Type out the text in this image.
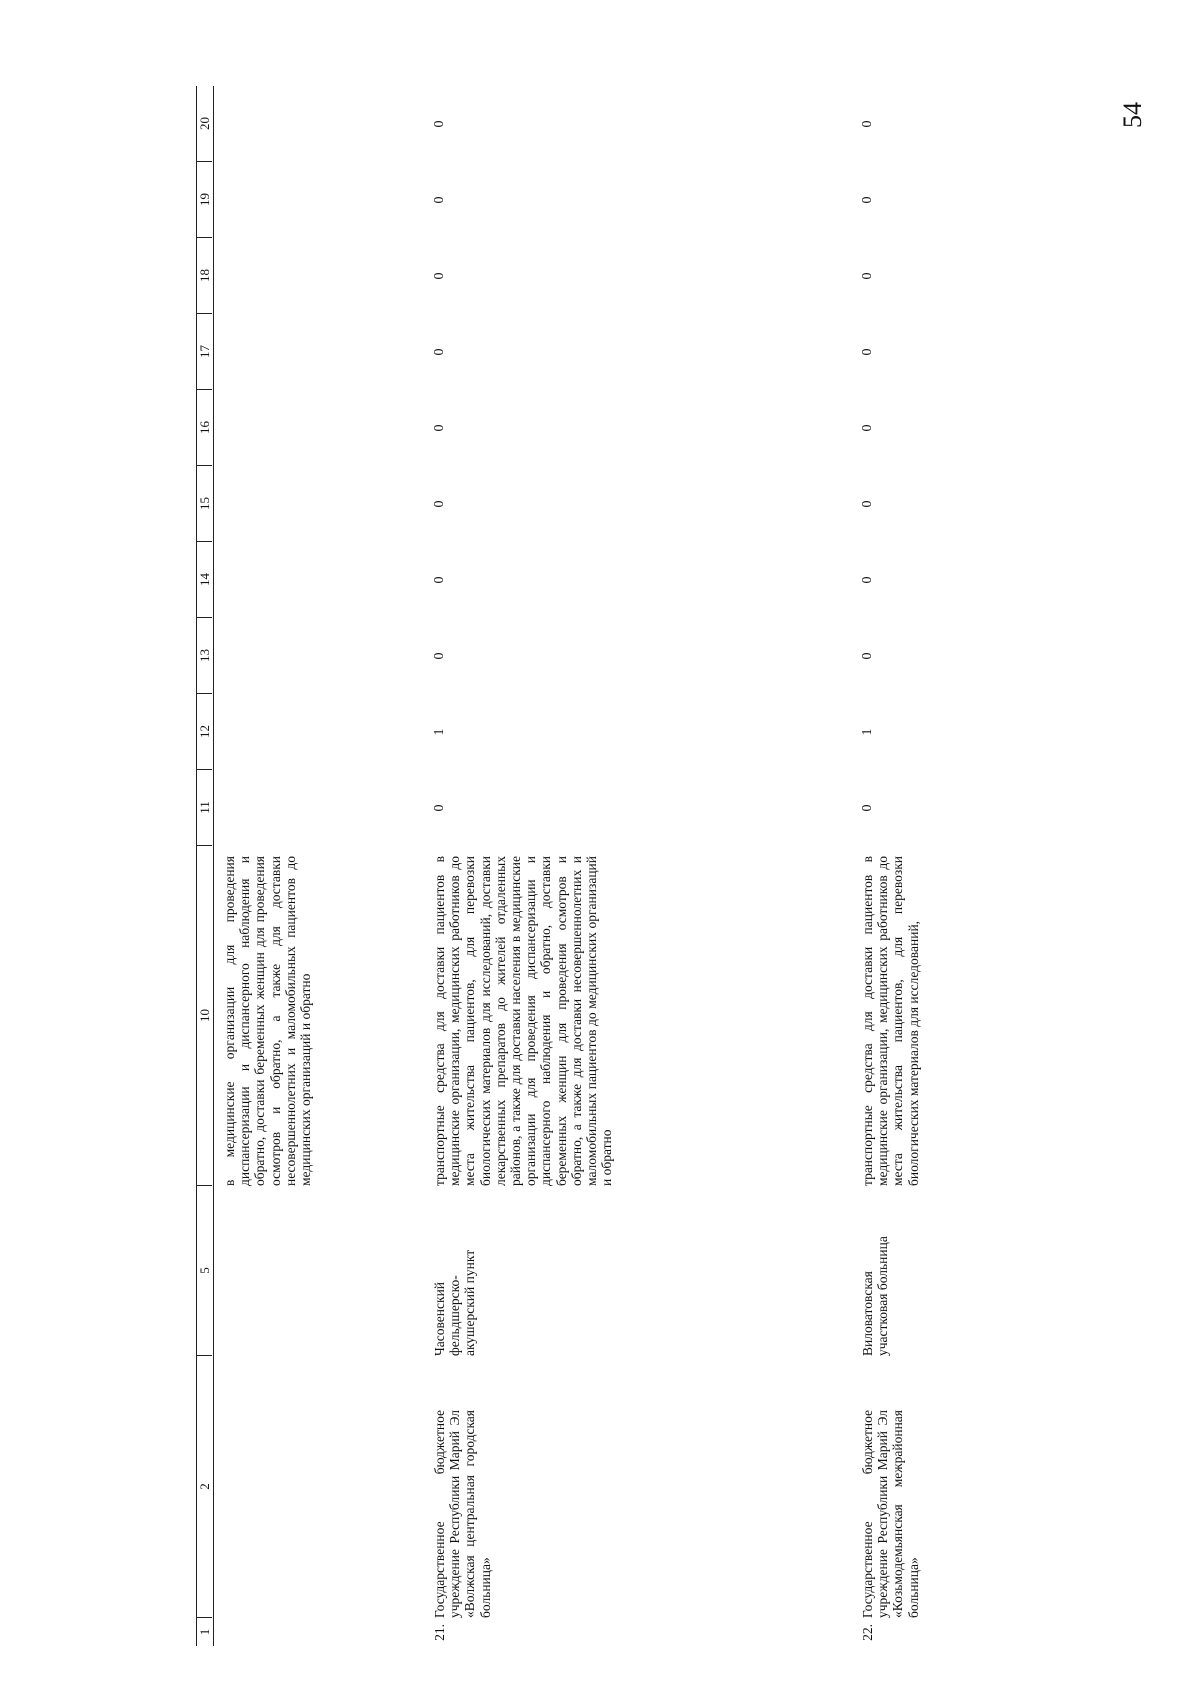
54
1
2
5
10
11
12
13
14
15
16
17
18
19
20
в медицинские организации для проведения диспансеризации и диспансерного наблюдения и обратно, доставки беременных женщин для проведения осмотров и обратно, а также для доставки несовершеннолетних и маломобильных пациентов до медицинских организаций и обратно
21.
Государственное бюджетное учреждение Республики Марий Эл «Волжская центральная городская больница»
Часовенский фельдшерско-акушерский пункт
транспортные средства для доставки пациентов в медицинские организации, медицинских работников до места жительства пациентов, для перевозки биологических материалов для исследований, доставки лекарственных препаратов до жителей отдаленных районов, а также для доставки населения в медицинские организации для проведения диспансеризации и диспансерного наблюдения и обратно, доставки беременных женщин для проведения осмотров и обратно, а также для доставки несовершеннолетних и маломобильных пациентов до медицинских организаций и обратно
0
1
0
0
0
0
0
0
0
0
22.
Государственное бюджетное учреждение Республики Марий Эл «Козьмодемьянская межрайонная больница»
Виловатовская участковая больница
транспортные средства для доставки пациентов в медицинские организации, медицинских работников до места жительства пациентов, для перевозки биологических материалов для исследований,
0
1
0
0
0
0
0
0
0
0
